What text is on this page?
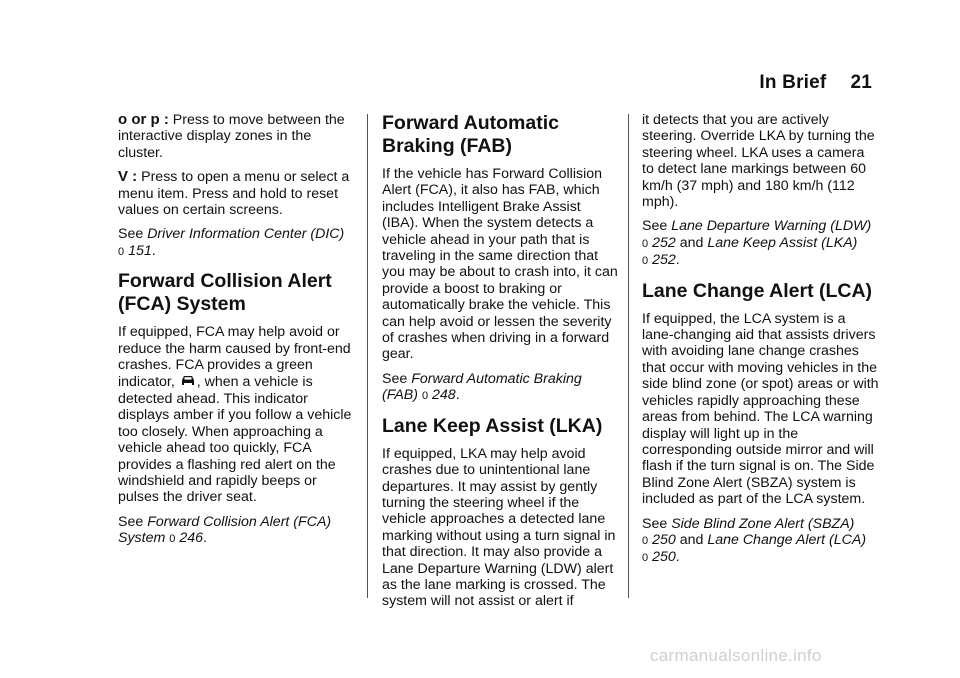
In Brief 21

o or p : Press to move between the interactive display zones in the cluster.

V : Press to open a menu or select a menu item. Press and hold to reset values on certain screens.

See Driver Information Center (DIC)
0 151.

Forward Collision Alert (FCA) System

If equipped, FCA may help avoid or reduce the harm caused by front-end crashes. FCA provides a green indicator, , when a vehicle is detected ahead. This indicator displays amber if you follow a vehicle too closely. When approaching a vehicle ahead too quickly, FCA provides a flashing red alert on the windshield and rapidly beeps or pulses the driver seat.

See Forward Collision Alert (FCA) System 0 246.

Forward Automatic Braking (FAB)

If the vehicle has Forward Collision Alert (FCA), it also has FAB, which includes Intelligent Brake Assist (IBA). When the system detects a vehicle ahead in your path that is traveling in the same direction that you may be about to crash into, it can provide a boost to braking or automatically brake the vehicle. This can help avoid or lessen the severity of crashes when driving in a forward gear.

See Forward Automatic Braking (FAB) 0 248.

Lane Keep Assist (LKA)

If equipped, LKA may help avoid crashes due to unintentional lane departures. It may assist by gently turning the steering wheel if the vehicle approaches a detected lane marking without using a turn signal in that direction. It may also provide a Lane Departure Warning (LDW) alert as the lane marking is crossed. The system will not assist or alert if

it detects that you are actively steering. Override LKA by turning the steering wheel. LKA uses a camera to detect lane markings between 60 km/h (37 mph) and 180 km/h (112 mph).

See Lane Departure Warning (LDW)
0 252 and Lane Keep Assist (LKA)
0 252.

Lane Change Alert (LCA)

If equipped, the LCA system is a lane-changing aid that assists drivers with avoiding lane change crashes that occur with moving vehicles in the side blind zone (or spot) areas or with vehicles rapidly approaching these areas from behind. The LCA warning display will light up in the corresponding outside mirror and will flash if the turn signal is on. The Side Blind Zone Alert (SBZA) system is included as part of the LCA system.

See Side Blind Zone Alert (SBZA)
0 250 and Lane Change Alert (LCA)
0 250.

carmanualsonline.info
